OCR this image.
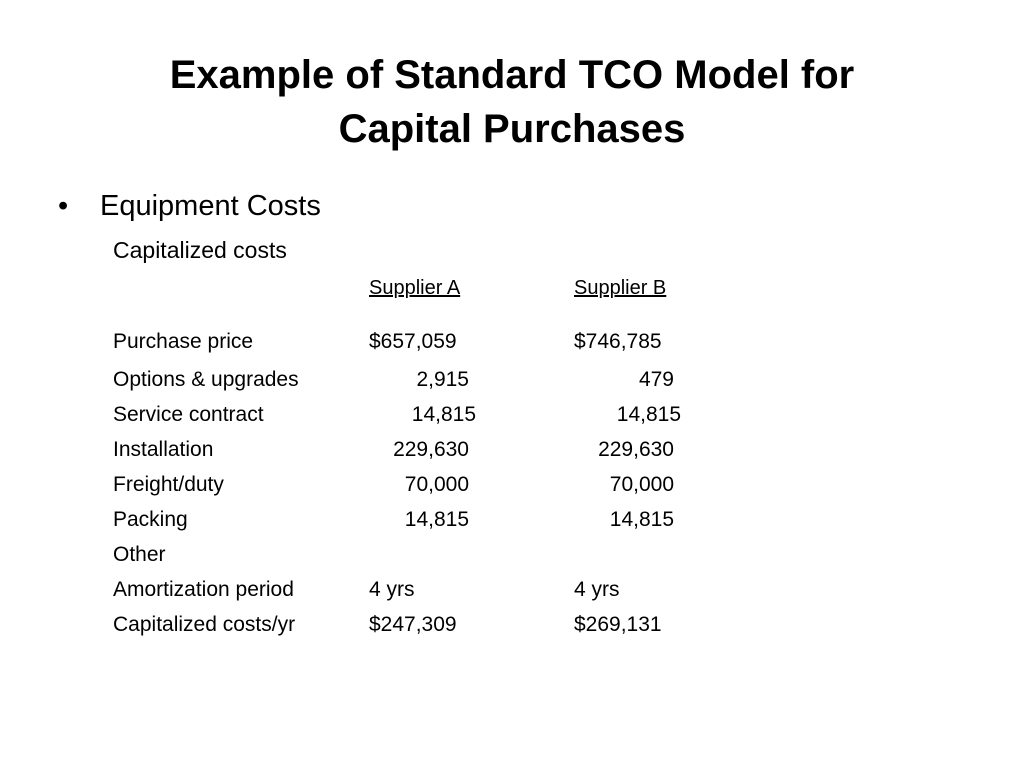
Example of Standard TCO Model for
Capital Purchases
• Equipment Costs
Capitalized costs
Supplier A	Supplier B
Purchase price	$657,059	$746,785
Options & upgrades	2,915	479
Service contract	14,815	14,815
Installation	229,630	229,630
Freight/duty	70,000	70,000
Packing	14,815	14,815
Other
Amortization period	4 yrs	4 yrs
Capitalized costs/yr	$247,309	$269,131
